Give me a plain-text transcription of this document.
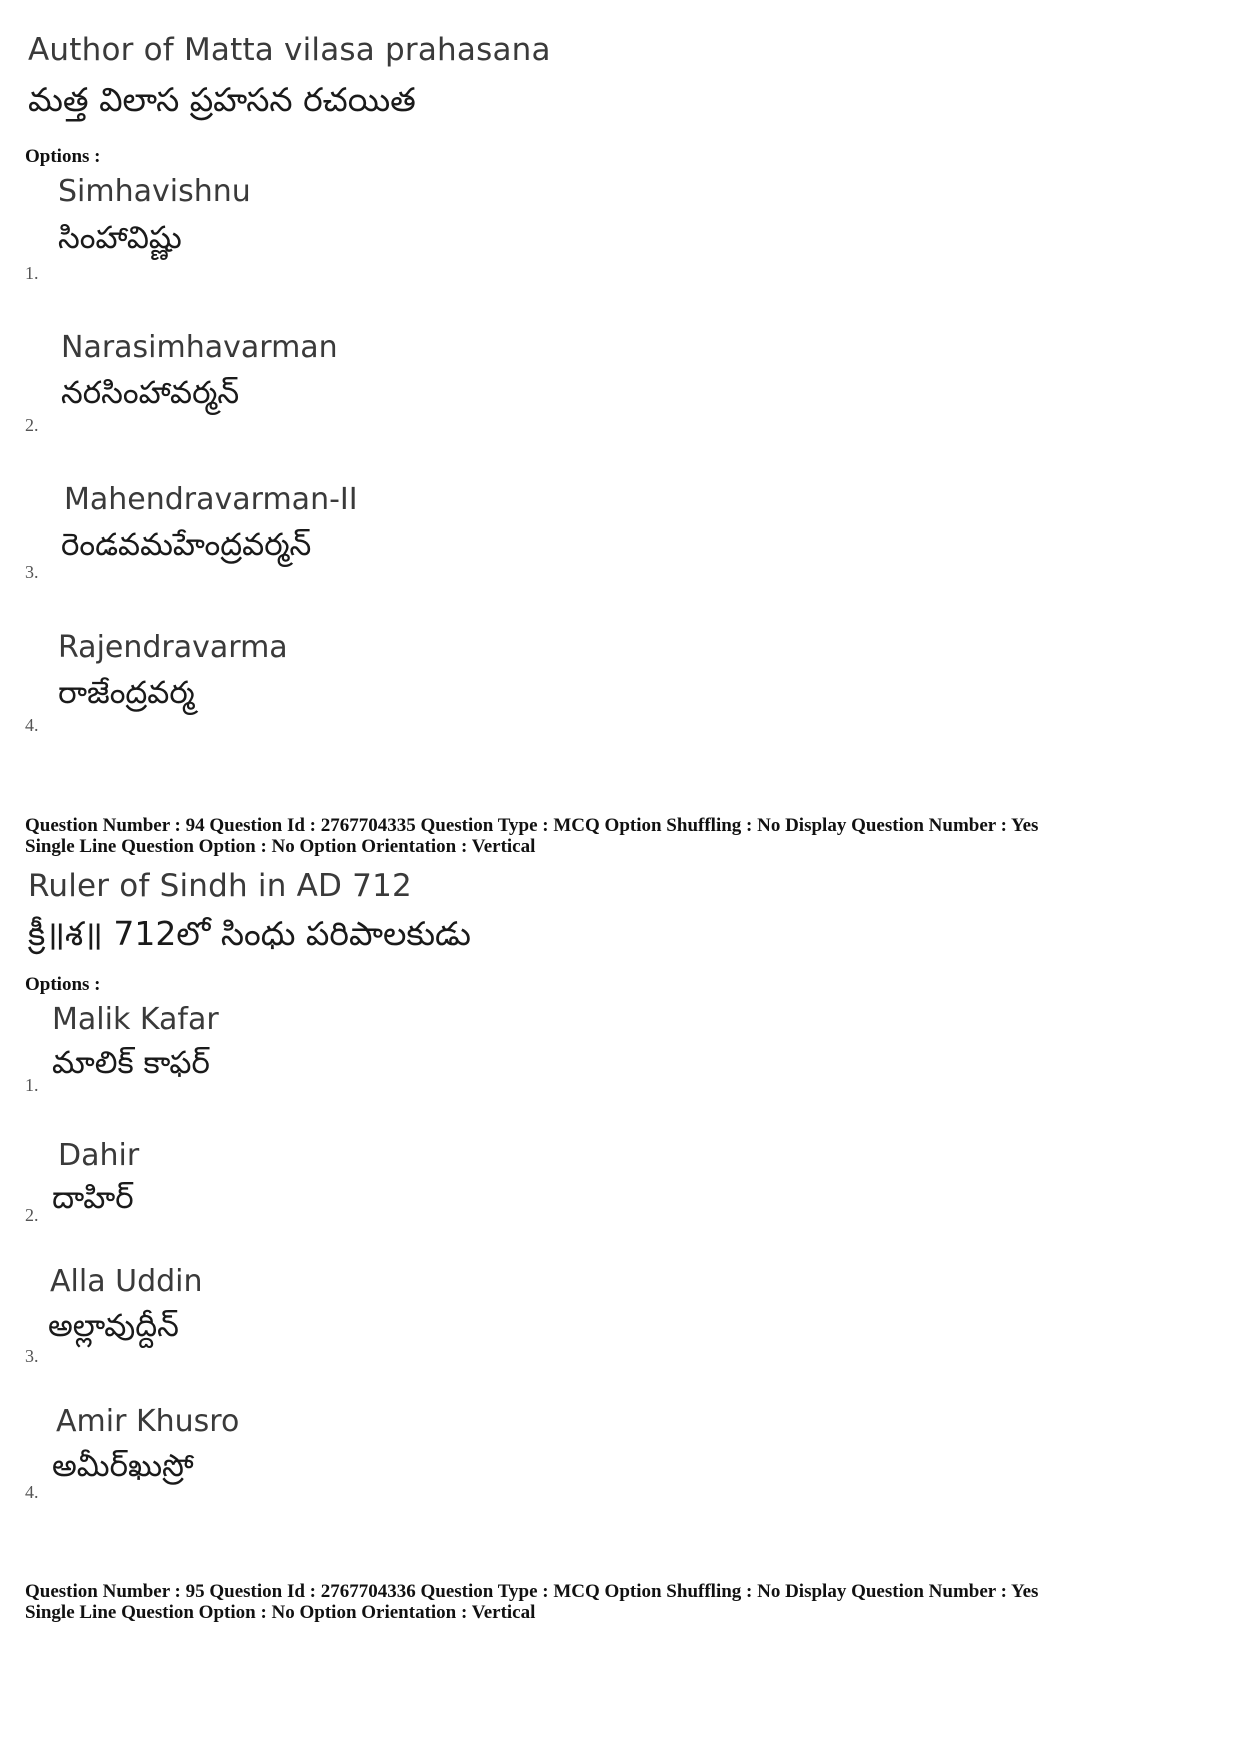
Author of Matta vilasa prahasana
మత్త విలాస ప్రహసన రచయిత
Options :
Simhavishnu
సింహావిష్ణు
1.
Narasimhavarman
నరసింహావర్మన్
2.
Mahendravarman-II
రెండవమహేంద్రవర్మన్
3.
Rajendravarma
రాజేంద్రవర్మ
4.
Question Number : 94 Question Id : 2767704335 Question Type : MCQ Option Shuffling : No Display Question Number : Yes
Single Line Question Option : No Option Orientation : Vertical
Ruler of Sindh in AD 712
క్రీ॥శ॥ 712లో సింధు పరిపాలకుడు
Options :
Malik Kafar
మాలిక్ కాఫర్
1.
Dahir
దాహిర్
2.
Alla Uddin
అల్లావుద్దీన్
3.
Amir Khusro
అమీర్‌ఖుస్రో
4.
Question Number : 95 Question Id : 2767704336 Question Type : MCQ Option Shuffling : No Display Question Number : Yes
Single Line Question Option : No Option Orientation : Vertical
